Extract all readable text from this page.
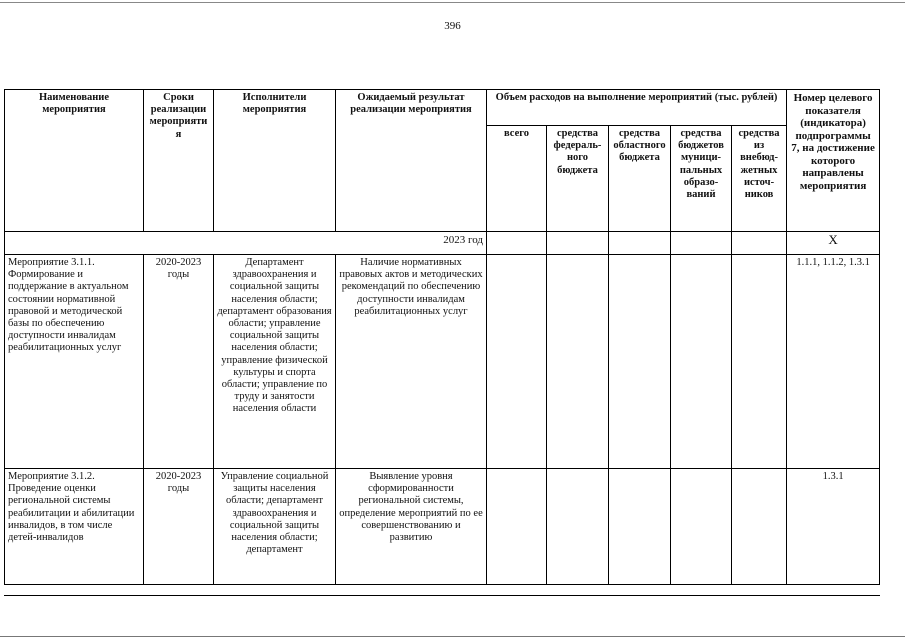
396
Наименование мероприятия	Сроки реализации мероприятия	Исполнители мероприятия	Ожидаемый результат реализации мероприятия	Объем расходов на выполнение мероприятий (тыс. рублей)					Номер целевого показателя (индикатора) подпрограммы 7, на достижение которого направлены мероприятия
				всего	средства федераль-ного бюджета	средства областного бюджета	средства бюджетов муници-пальных образо-ваний	средства из внебюд-жетных источ-ников	
2023 год									X
Мероприятие 3.1.1. Формирование и поддержание в актуальном состоянии нормативной правовой и методической базы по обеспечению доступности инвалидам реабилитационных услуг	2020-2023 годы	Департамент здравоохранения и социальной защиты населения области; департамент образования области; управление социальной защиты населения области; управление физической культуры и спорта области; управление по труду и занятости населения области	Наличие нормативных правовых актов и методических рекомендаций по обеспечению доступности инвалидам реабилитационных услуг						1.1.1, 1.1.2, 1.3.1
Мероприятие 3.1.2. Проведение оценки региональной системы реабилитации и абилитации инвалидов, в том числе детей-инвалидов	2020-2023 годы	Управление социальной защиты населения области; департамент здравоохранения и социальной защиты населения области; департамент	Выявление уровня сформированности региональной системы, определение мероприятий по ее совершенствованию и развитию						1.3.1
